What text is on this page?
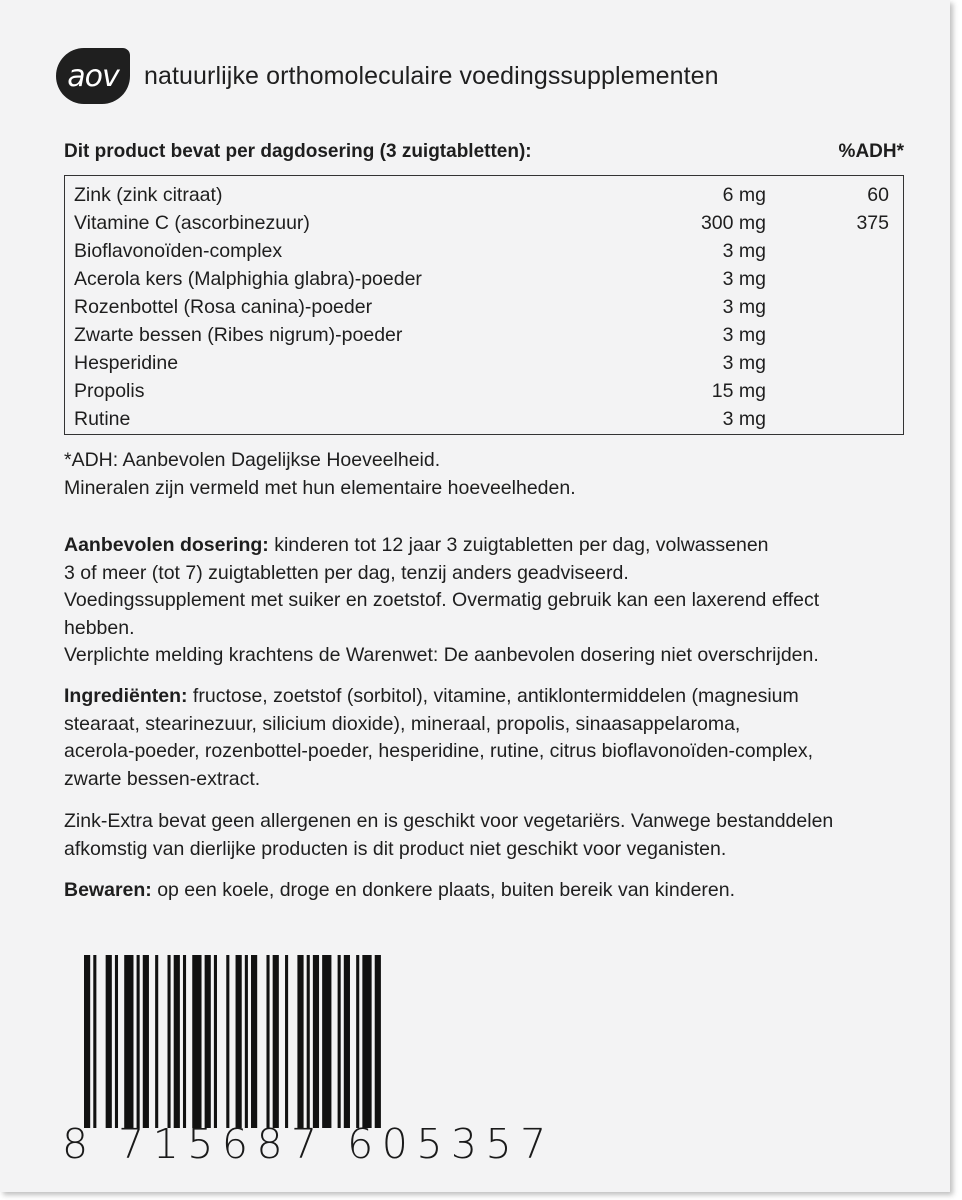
aov natuurlijke orthomoleculaire voedingssupplementen
Dit product bevat per dagdosering (3 zuigtabletten):	%ADH*
Zink (zink citraat)	6 mg	60
Vitamine C (ascorbinezuur)	300 mg	375
Bioflavonoïden-complex	3 mg
Acerola kers (Malphighia glabra)-poeder	3 mg
Rozenbottel (Rosa canina)-poeder	3 mg
Zwarte bessen (Ribes nigrum)-poeder	3 mg
Hesperidine	3 mg
Propolis	15 mg
Rutine	3 mg

*ADH: Aanbevolen Dagelijkse Hoeveelheid.

Mineralen zijn vermeld met hun elementaire hoeveelheden.

Aanbevolen dosering: kinderen tot 12 jaar 3 zuigtabletten per dag, volwassenen

3 of meer (tot 7) zuigtabletten per dag, tenzij anders geadviseerd.

Voedingssupplement met suiker en zoetstof. Overmatig gebruik kan een laxerend effect

hebben.

Verplichte melding krachtens de Warenwet: De aanbevolen dosering niet overschrijden.

Ingrediënten: fructose, zoetstof (sorbitol), vitamine, antiklontermiddelen (magnesium

stearaat, stearinezuur, silicium dioxide), mineraal, propolis, sinaasappelaroma,

acerola-poeder, rozenbottel-poeder, hesperidine, rutine, citrus bioflavonoïden-complex,

zwarte bessen-extract.

Zink-Extra bevat geen allergenen en is geschikt voor vegetariërs. Vanwege bestanddelen

afkomstig van dierlijke producten is dit product niet geschikt voor veganisten.

Bewaren: op een koele, droge en donkere plaats, buiten bereik van kinderen.

8 715687 605357
